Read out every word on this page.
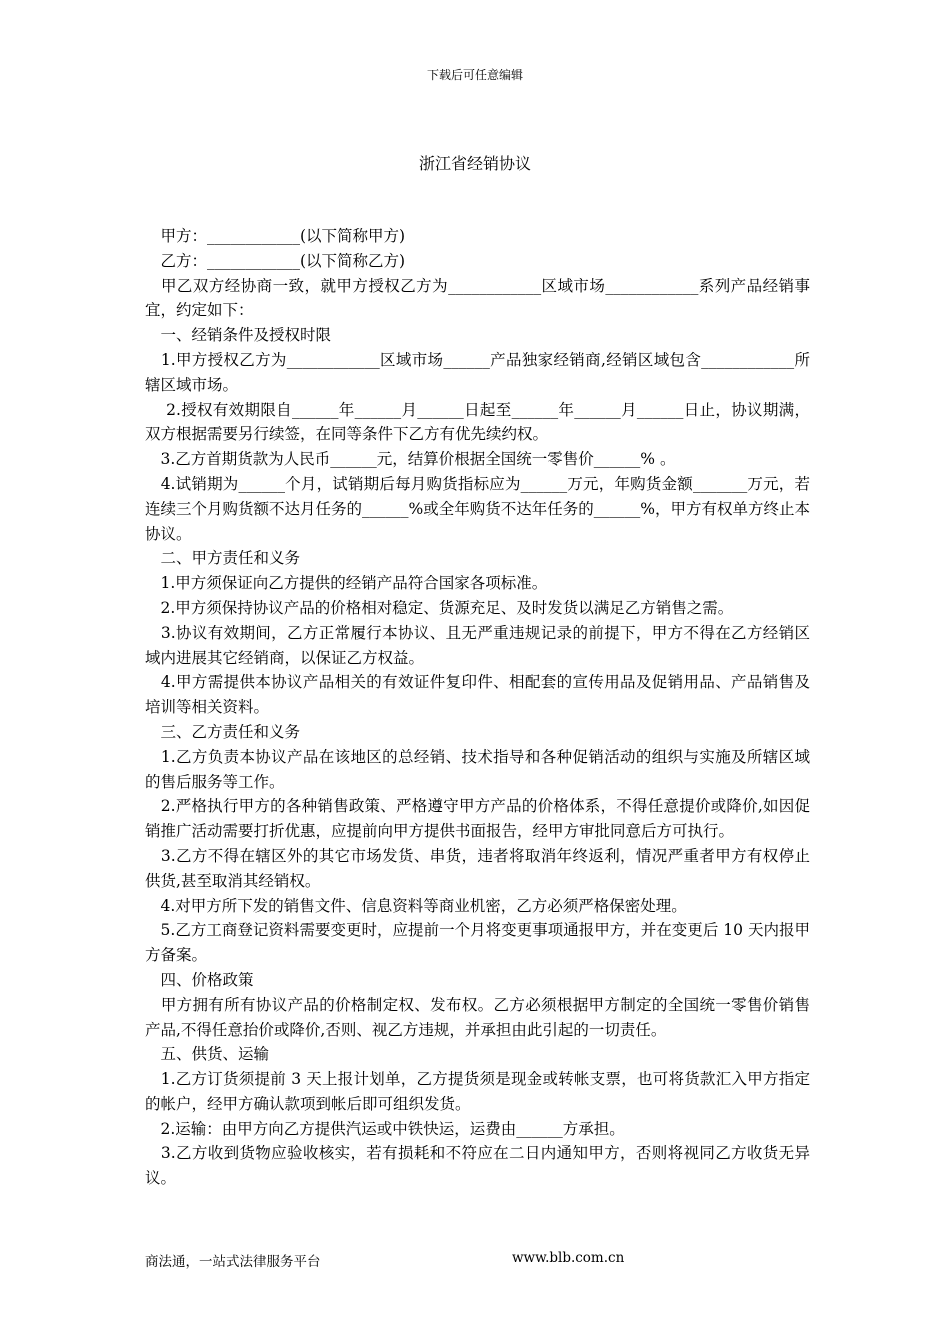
下载后可任意编辑
浙江省经销协议

　甲方：____________(以下简称甲方)

　乙方：____________(以下简称乙方)

　甲乙双方经协商一致，就甲方授权乙方为____________区域市场____________系列产品经销事宜，约定如下：

　一、经销条件及授权时限

　1.甲方授权乙方为____________区域市场______产品独家经销商,经销区域包含____________所辖区域市场。

　 2.授权有效期限自______年______月______日起至______年______月______日止，协议期满，双方根据需要另行续签，在同等条件下乙方有优先续约权。

　3.乙方首期货款为人民币______元，结算价根据全国统一零售价______% 。

　4.试销期为______个月，试销期后每月购货指标应为______万元，年购货金额_______万元，若连续三个月购货额不达月任务的______%或全年购货不达年任务的______%，甲方有权单方终止本协议。

　二、甲方责任和义务

　1.甲方须保证向乙方提供的经销产品符合国家各项标准。

　2.甲方须保持协议产品的价格相对稳定、货源充足、及时发货以满足乙方销售之需。

　3.协议有效期间，乙方正常履行本协议、且无严重违规记录的前提下，甲方不得在乙方经销区域内进展其它经销商，以保证乙方权益。

　4.甲方需提供本协议产品相关的有效证件复印件、相配套的宣传用品及促销用品、产品销售及培训等相关资料。

　三、乙方责任和义务

　1.乙方负责本协议产品在该地区的总经销、技术指导和各种促销活动的组织与实施及所辖区域的售后服务等工作。

　2.严格执行甲方的各种销售政策、严格遵守甲方产品的价格体系，不得任意提价或降价,如因促销推广活动需要打折优惠，应提前向甲方提供书面报告，经甲方审批同意后方可执行。

　3.乙方不得在辖区外的其它市场发货、串货，违者将取消年终返利，情况严重者甲方有权停止供货,甚至取消其经销权。

　4.对甲方所下发的销售文件、信息资料等商业机密，乙方必须严格保密处理。

　5.乙方工商登记资料需要变更时，应提前一个月将变更事项通报甲方，并在变更后 10 天内报甲方备案。

　四、价格政策

　甲方拥有所有协议产品的价格制定权、发布权。乙方必须根据甲方制定的全国统一零售价销售产品,不得任意抬价或降价,否则、视乙方违规，并承担由此引起的一切责任。

　五、供货、运输

　1.乙方订货须提前 3 天上报计划单，乙方提货须是现金或转帐支票，也可将货款汇入甲方指定的帐户，经甲方确认款项到帐后即可组织发货。

　2.运输：由甲方向乙方提供汽运或中铁快运，运费由______方承担。

　3.乙方收到货物应验收核实，若有损耗和不符应在二日内通知甲方，否则将视同乙方收货无异议。

商法通，一站式法律服务平台	www.blb.com.cn
